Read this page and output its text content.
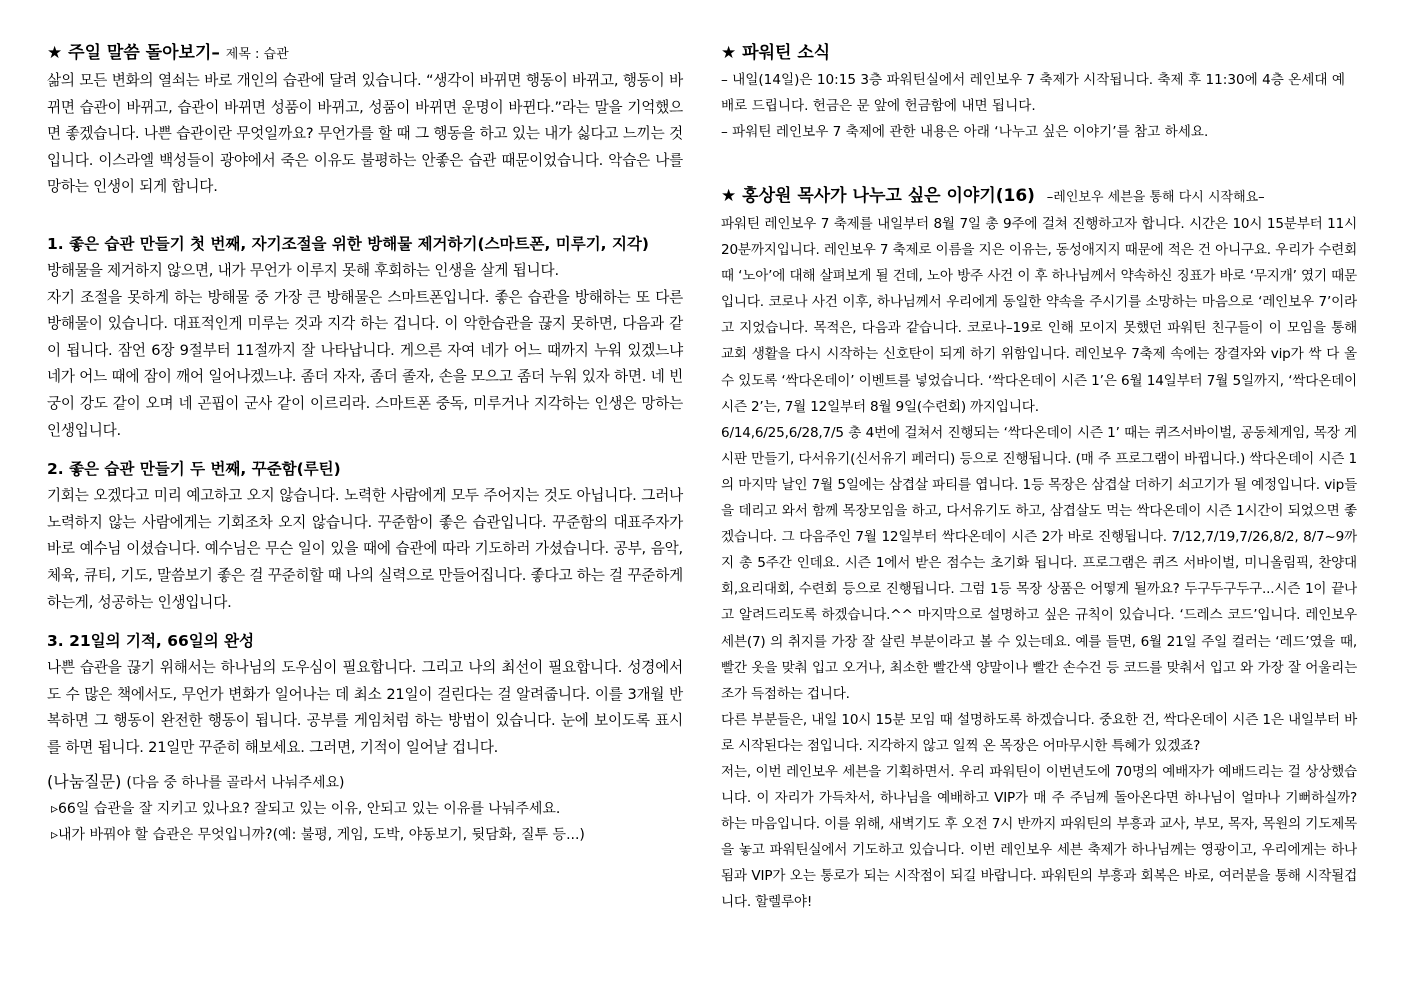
★ 주일 말씀 돌아보기– 제목 : 습관

삶의 모든 변화의 열쇠는 바로 개인의 습관에 달려 있습니다. “생각이 바뀌면 행동이 바뀌고, 행동이 바뀌면 습관이 바뀌고, 습관이 바뀌면 성품이 바뀌고, 성품이 바뀌면 운명이 바뀐다.”라는 말을 기억했으면 좋겠습니다. 나쁜 습관이란 무엇일까요? 무언가를 할 때 그 행동을 하고 있는 내가 싫다고 느끼는 것입니다. 이스라엘 백성들이 광야에서 죽은 이유도 불평하는 안좋은 습관 때문이었습니다. 악습은 나를 망하는 인생이 되게 합니다.

1. 좋은 습관 만들기 첫 번째, 자기조절을 위한 방해물 제거하기(스마트폰, 미루기, 지각)

방해물을 제거하지 않으면, 내가 무언가 이루지 못해 후회하는 인생을 살게 됩니다.

자기 조절을 못하게 하는 방해물 중 가장 큰 방해물은 스마트폰입니다. 좋은 습관을 방해하는 또 다른 방해물이 있습니다. 대표적인게 미루는 것과 지각 하는 겁니다. 이 악한습관을 끊지 못하면, 다음과 같이 됩니다. 잠언 6장 9절부터 11절까지 잘 나타납니다. 게으른 자여 네가 어느 때까지 누워 있겠느냐 네가 어느 때에 잠이 깨어 일어나겠느냐. 좀더 자자, 좀더 졸자, 손을 모으고 좀더 누워 있자 하면. 네 빈궁이 강도 같이 오며 네 곤핍이 군사 같이 이르리라. 스마트폰 중독, 미루거나 지각하는 인생은 망하는 인생입니다.

2. 좋은 습관 만들기 두 번째, 꾸준함(루틴)

기회는 오겠다고 미리 예고하고 오지 않습니다. 노력한 사람에게 모두 주어지는 것도 아닙니다. 그러나 노력하지 않는 사람에게는 기회조차 오지 않습니다. 꾸준함이 좋은 습관입니다. 꾸준함의 대표주자가 바로 예수님 이셨습니다. 예수님은 무슨 일이 있을 때에 습관에 따라 기도하러 가셨습니다. 공부, 음악, 체육, 큐티, 기도, 말씀보기 좋은 걸 꾸준히할 때 나의 실력으로 만들어집니다. 좋다고 하는 걸 꾸준하게 하는게, 성공하는 인생입니다.

3. 21일의 기적, 66일의 완성

나쁜 습관을 끊기 위해서는 하나님의 도우심이 필요합니다. 그리고 나의 최선이 필요합니다. 성경에서도 수 많은 책에서도, 무언가 변화가 일어나는 데 최소 21일이 걸린다는 걸 알려줍니다. 이를 3개월 반복하면 그 행동이 완전한 행동이 됩니다. 공부를 게임처럼 하는 방법이 있습니다. 눈에 보이도록 표시를 하면 됩니다. 21일만 꾸준히 해보세요. 그러면, 기적이 일어날 겁니다.

(나눔질문) (다음 중 하나를 골라서 나눠주세요)

▹66일 습관을 잘 지키고 있나요? 잘되고 있는 이유, 안되고 있는 이유를 나눠주세요.

▹내가 바꿔야 할 습관은 무엇입니까?(예: 불평, 게임, 도박, 야동보기, 뒷담화, 질투 등...)

★ 파워틴 소식

– 내일(14일)은 10:15 3층 파워틴실에서 레인보우 7 축제가 시작됩니다. 축제 후 11:30에 4층 온세대 예배로 드립니다. 헌금은 문 앞에 헌금함에 내면 됩니다.

– 파워틴 레인보우 7 축제에 관한 내용은 아래 ‘나누고 싶은 이야기’를 참고 하세요.

★ 홍상원 목사가 나누고 싶은 이야기(16) –레인보우 세븐을 통해 다시 시작해요–

파워틴 레인보우 7 축제를 내일부터 8월 7일 총 9주에 걸쳐 진행하고자 합니다. 시간은 10시 15분부터 11시 20분까지입니다. 레인보우 7 축제로 이름을 지은 이유는, 동성애지지 때문에 적은 건 아니구요. 우리가 수련회 때 ‘노아’에 대해 살펴보게 될 건데, 노아 방주 사건 이 후 하나님께서 약속하신 징표가 바로 ‘무지개’ 였기 때문입니다. 코로나 사건 이후, 하나님께서 우리에게 동일한 약속을 주시기를 소망하는 마음으로 ‘레인보우 7’이라고 지었습니다. 목적은, 다음과 같습니다. 코로나–19로 인해 모이지 못했던 파워틴 친구들이 이 모임을 통해 교회 생활을 다시 시작하는 신호탄이 되게 하기 위함입니다. 레인보우 7축제 속에는 장결자와 vip가 싹 다 올 수 있도록 ‘싹다온데이’ 이벤트를 넣었습니다. ‘싹다온데이 시즌 1’은 6월 14일부터 7월 5일까지, ‘싹다온데이 시즌 2’는, 7월 12일부터 8월 9일(수련회) 까지입니다.

6/14,6/25,6/28,7/5 총 4번에 걸쳐서 진행되는 ‘싹다온데이 시즌 1’ 때는 퀴즈서바이벌, 공동체게임, 목장 게시판 만들기, 다서유기(신서유기 페러디) 등으로 진행됩니다. (매 주 프로그램이 바뀝니다.) 싹다온데이 시즌 1의 마지막 날인 7월 5일에는 삼겹살 파티를 엽니다. 1등 목장은 삼겹살 더하기 쇠고기가 될 예정입니다. vip들을 데리고 와서 함께 목장모임을 하고, 다서유기도 하고, 삼겹살도 먹는 싹다온데이 시즌 1시간이 되었으면 좋겠습니다. 그 다음주인 7월 12일부터 싹다온데이 시즌 2가 바로 진행됩니다. 7/12,7/19,7/26,8/2, 8/7~9까지 총 5주간 인데요. 시즌 1에서 받은 점수는 초기화 됩니다. 프로그램은 퀴즈 서바이벌, 미니올림픽, 찬양대회,요리대회, 수련회 등으로 진행됩니다. 그럼 1등 목장 상품은 어떻게 될까요? 두구두구두구...시즌 1이 끝나고 알려드리도록 하겠습니다.^^ 마지막으로 설명하고 싶은 규칙이 있습니다. ‘드레스 코드’입니다. 레인보우 세븐(7) 의 취지를 가장 잘 살린 부분이라고 볼 수 있는데요. 예를 들면, 6월 21일 주일 컬러는 ‘레드’였을 때, 빨간 옷을 맞춰 입고 오거나, 최소한 빨간색 양말이나 빨간 손수건 등 코드를 맞춰서 입고 와 가장 잘 어울리는 조가 득점하는 겁니다.

다른 부분들은, 내일 10시 15분 모임 때 설명하도록 하겠습니다. 중요한 건, 싹다온데이 시즌 1은 내일부터 바로 시작된다는 점입니다. 지각하지 않고 일찍 온 목장은 어마무시한 특혜가 있겠죠?

저는, 이번 레인보우 세븐을 기획하면서. 우리 파워틴이 이번년도에 70명의 예배자가 예배드리는 걸 상상했습니다. 이 자리가 가득차서, 하나님을 예배하고 VIP가 매 주 주님께 돌아온다면 하나님이 얼마나 기뻐하실까? 하는 마음입니다. 이를 위해, 새벽기도 후 오전 7시 반까지 파워틴의 부흥과 교사, 부모, 목자, 목원의 기도제목을 놓고 파워틴실에서 기도하고 있습니다. 이번 레인보우 세븐 축제가 하나님께는 영광이고, 우리에게는 하나됨과 VIP가 오는 통로가 되는 시작점이 되길 바랍니다. 파워틴의 부흥과 회복은 바로, 여러분을 통해 시작될겁니다. 할렐루야!
